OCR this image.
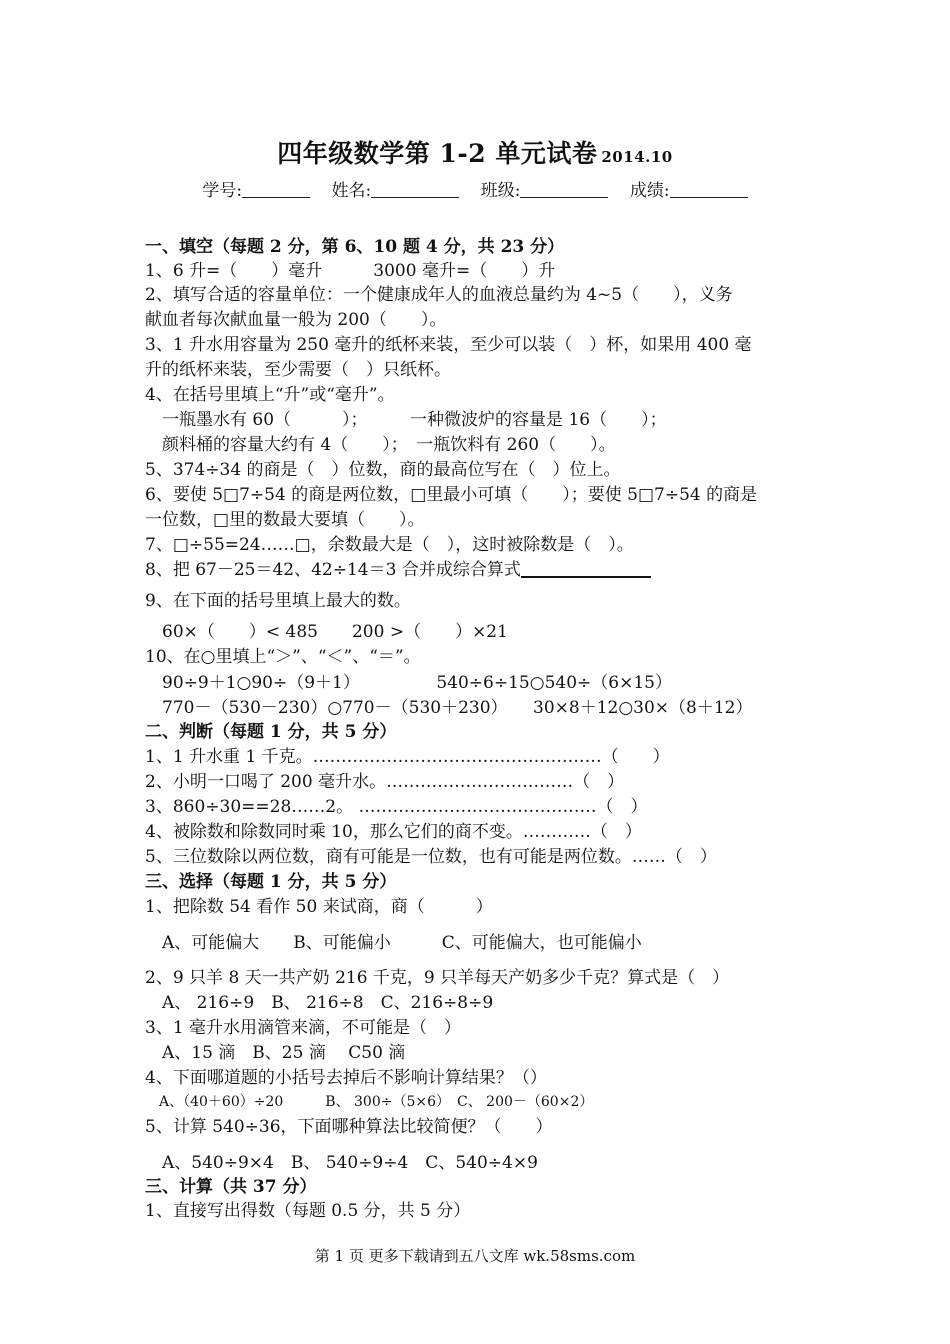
四年级数学第 1-2 单元试卷 2014.10
学号:	姓名:	班级:	成绩:
一、填空（每题 2 分，第 6、10 题 4 分，共 23 分）
1、6 升=（　　）毫升　　　3000 毫升=（　　）升
2、填写合适的容量单位：一个健康成年人的血液总量约为 4~5（　　），义务
献血者每次献血量一般为 200（　　）。
3、1 升水用容量为 250 毫升的纸杯来装，至少可以装（　）杯，如果用 400 毫
升的纸杯来装，至少需要（　）只纸杯。
4、在括号里填上“升”或“毫升”。
　一瓶墨水有 60（　　　）；　　　一种微波炉的容量是 16（　　）；
　颜料桶的容量大约有 4（　　）；　一瓶饮料有 260（　　）。
5、374÷34 的商是（　）位数，商的最高位写在（　）位上。
6、要使 5□7÷54 的商是两位数，□里最小可填（　　）；要使 5□7÷54 的商是
一位数，□里的数最大要填（　　）。
7、□÷55=24……□，余数最大是（　），这时被除数是（　）。
8、把 67－25＝42、42÷14＝3 合并成综合算式
9、在下面的括号里填上最大的数。
　60×（　　）< 485　　200 >（　　）×21
10、在○里填上“＞”、“＜”、“＝”。
　90÷9＋1○90÷（9＋1）　　　　　540÷6÷15○540÷（6×15）
　770－（530－230）○770－（530＋230）　　30×8＋12○30×（8＋12）
二、判断（每题 1 分，共 5 分）
1、1 升水重 1 千克。……………………………………………（　　）
2、小明一口喝了 200 毫升水。……………………………（　）
3、860÷30==28……2。 ……………………………………（　）
4、被除数和除数同时乘 10，那么它们的商不变。…………（　）
5、三位数除以两位数，商有可能是一位数，也有可能是两位数。……（　）
三、选择（每题 1 分，共 5 分）
1、把除数 54 看作 50 来试商，商（　　　）
　A、可能偏大　　B、可能偏小　　　C、可能偏大，也可能偏小
2、9 只羊 8 天一共产奶 216 千克，9 只羊每天产奶多少千克？算式是（　）
　A、 216÷9　B、 216÷8　C、216÷8÷9
3、1 毫升水用滴管来滴，不可能是（　）
　A、15 滴　B、25 滴　 C50 滴
4、下面哪道题的小括号去掉后不影响计算结果？（）
　A、（40＋60）÷20　　　B、 300÷（5×6）　C、 200－（60×2）
5、计算 540÷36，下面哪种算法比较简便？（　　）
　A、540÷9×4　B、 540÷9÷4　C、540÷4×9
三、计算（共 37 分）
1、直接写出得数（每题 0.5 分，共 5 分）
第 1 页 更多下载请到五八文库 wk.58sms.com
